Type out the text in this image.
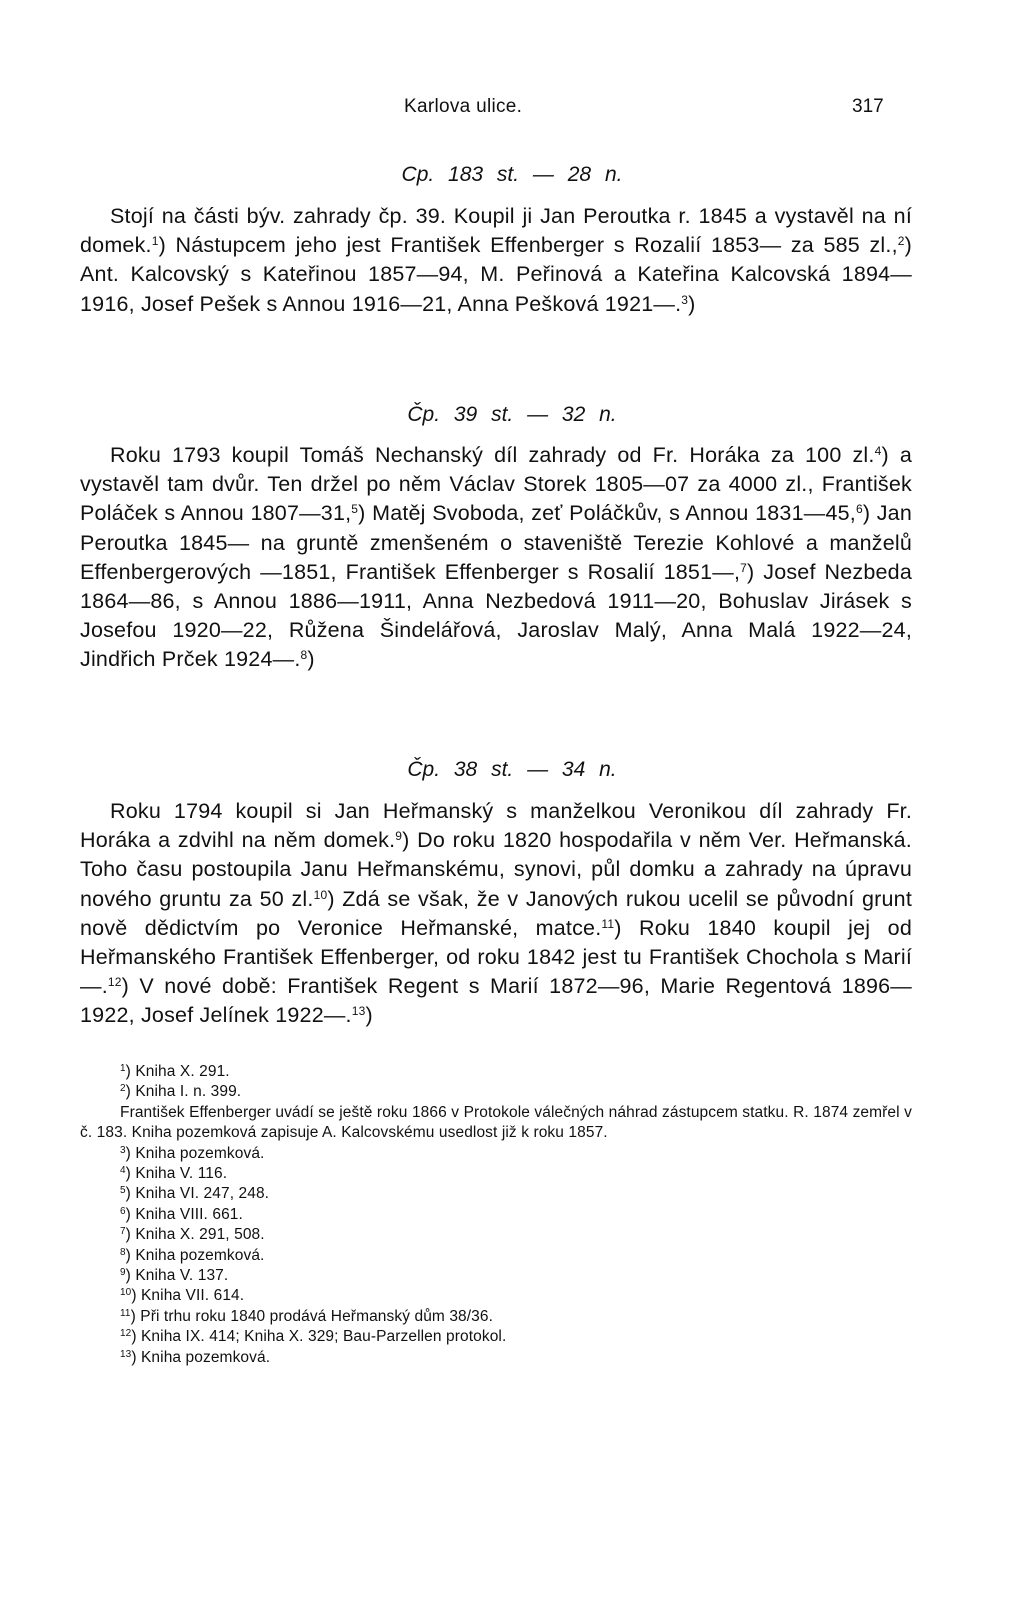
Karlova ulice.	317
Cp. 183 st. — 28 n.

Stojí na části býv. zahrady čp. 39. Koupil ji Jan Peroutka r. 1845 a vystavěl na ní domek.$^1$) Nástupcem jeho jest František Effenberger s Rozalií 1853— za 585 zl.,$^2$) Ant. Kalcovský s Kateřinou 1857—94, M. Peřinová a Kateřina Kalcovská 1894—1916, Josef Pešek s Annou 1916—21, Anna Pešková 1921—.$^3$)

Čp. 39 st. — 32 n.

Roku 1793 koupil Tomáš Nechanský díl zahrady od Fr. Horáka za 100 zl.$^4$) a vystavěl tam dvůr. Ten držel po něm Václav Storek 1805—07 za 4000 zl., František Poláček s Annou 1807—31,$^5$) Matěj Svoboda, zeť Poláčkův, s Annou 1831—45,$^6$) Jan Peroutka 1845— na gruntě zmenšeném o staveniště Terezie Kohlové a manželů Effenbergerových —1851, František Effenberger s Rosalií 1851—,$^7$) Josef Nezbeda 1864—86, s Annou 1886—1911, Anna Nezbedová 1911—20, Bohuslav Jirásek s Josefou 1920—22, Růžena Šindelářová, Jaroslav Malý, Anna Malá 1922—24, Jindřich Prček 1924—.$^8$)

Čp. 38 st. — 34 n.

Roku 1794 koupil si Jan Heřmanský s manželkou Veronikou díl zahrady Fr. Horáka a zdvihl na něm domek.$^9$) Do roku 1820 hospodařila v něm Ver. Heřmanská. Toho času postoupila Janu Heřmanskému, synovi, půl domku a zahrady na úpravu nového gruntu za 50 zl.$^{10}$) Zdá se však, že v Janových rukou ucelil se původní grunt nově dědictvím po Veronice Heřmanské, matce.$^{11}$) Roku 1840 koupil jej od Heřmanského František Effenberger, od roku 1842 jest tu František Chochola s Marií—.$^{12}$) V nové době: František Regent s Marií 1872—96, Marie Regentová 1896—1922, Josef Jelínek 1922—.$^{13}$)

$^1$) Kniha X. 291.

$^2$) Kniha I. n. 399.

František Effenberger uvádí se ještě roku 1866 v Protokole válečných náhrad zástupcem statku. R. 1874 zemřel v č. 183. Kniha pozemková zapisuje A. Kalcovskému usedlost již k roku 1857.

$^3$) Kniha pozemková.

$^4$) Kniha V. 116.

$^5$) Kniha VI. 247, 248.

$^6$) Kniha VIII. 661.

$^7$) Kniha X. 291, 508.

$^8$) Kniha pozemková.

$^9$) Kniha V. 137.

$^{10}$) Kniha VII. 614.

$^{11}$) Při trhu roku 1840 prodává Heřmanský dům 38/36.

$^{12}$) Kniha IX. 414; Kniha X. 329; Bau-Parzellen protokol.

$^{13}$) Kniha pozemková.
